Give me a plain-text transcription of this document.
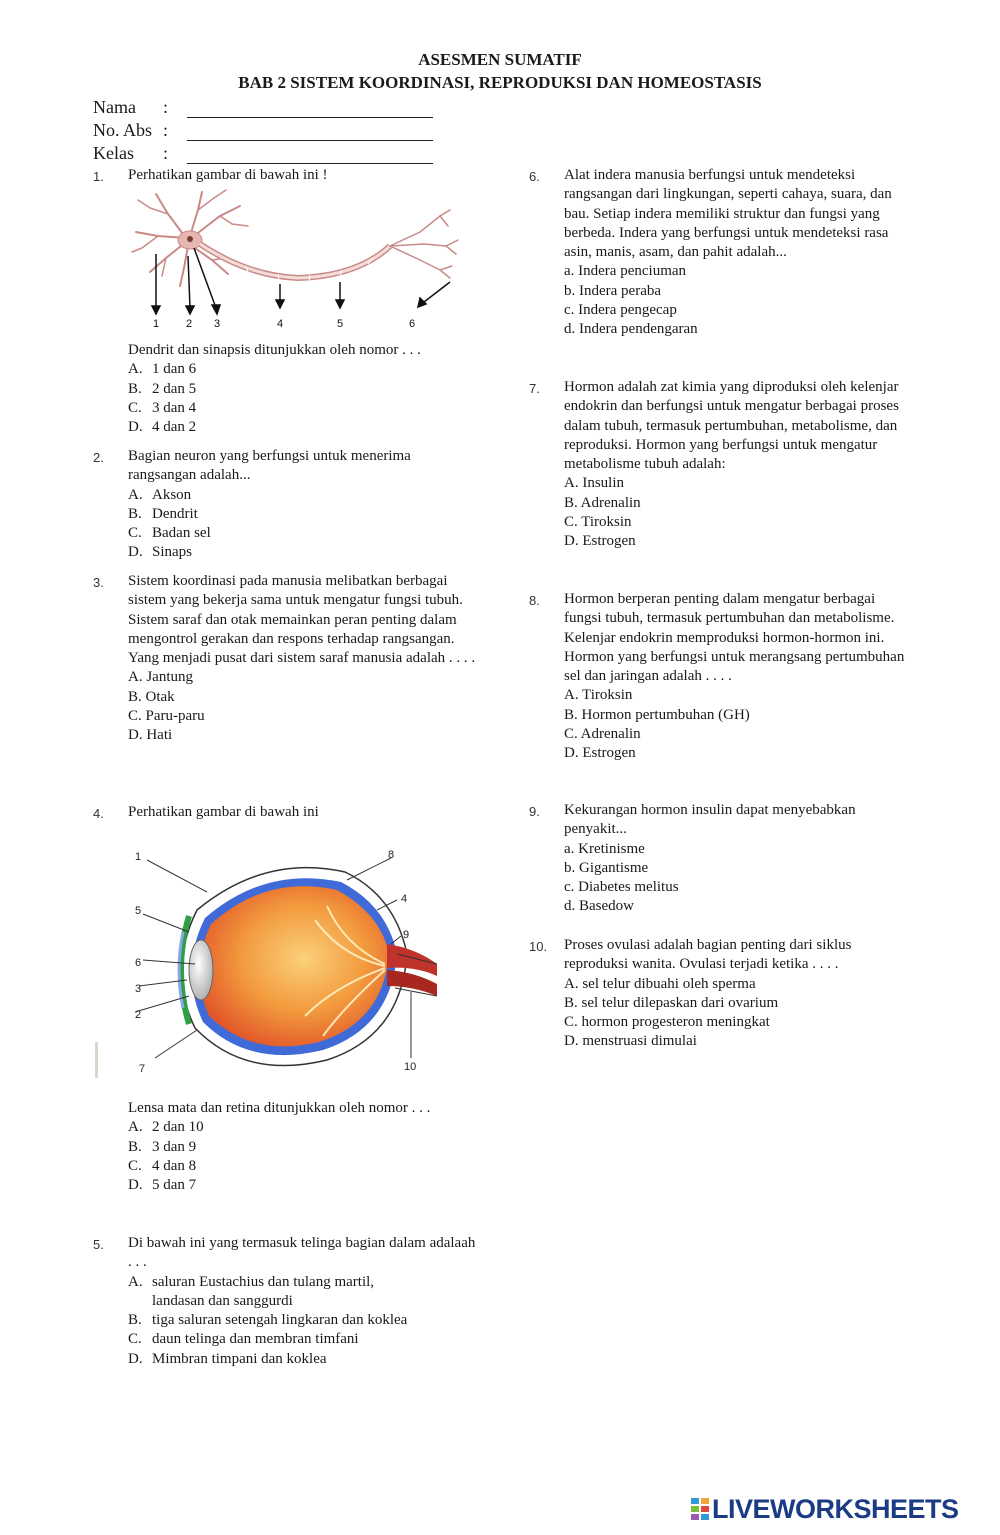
ASESMEN SUMATIF
BAB 2 SISTEM KOORDINASI, REPRODUKSI DAN HOMEOSTASIS
Nama :
No. Abs :
Kelas :
1. Perhatikan gambar di bawah ini !
1 2 3	4	5	6
Dendrit dan sinapsis ditunjukkan oleh nomor . . .
A. 1 dan 6
B. 2 dan 5
C. 3 dan 4
D. 4 dan 2
2. Bagian neuron yang berfungsi untuk menerima rangsangan adalah...
A. Akson
B. Dendrit
C. Badan sel
D. Sinaps
3. Sistem koordinasi pada manusia melibatkan berbagai sistem yang bekerja sama untuk mengatur fungsi tubuh. Sistem saraf dan otak memainkan peran penting dalam mengontrol gerakan dan respons terhadap rangsangan. Yang menjadi pusat dari sistem saraf manusia adalah . . . .
A. Jantung
B. Otak
C. Paru-paru
D. Hati
4. Perhatikan gambar di bawah ini
1
2
3
4
5
6
7
8
9
10
Lensa mata dan retina ditunjukkan oleh nomor . . .
A. 2 dan 10
B. 3 dan 9
C. 4 dan 8
D. 5 dan 7
5. Di bawah ini yang termasuk telinga bagian dalam adalaah . . .
A. saluran Eustachius dan tulang martil,
landasan dan sanggurdi
B. tiga saluran setengah lingkaran dan koklea
C. daun telinga dan membran timfani
D. Mimbran timpani dan koklea
6. Alat indera manusia berfungsi untuk mendeteksi rangsangan dari lingkungan, seperti cahaya, suara, dan bau. Setiap indera memiliki struktur dan fungsi yang berbeda. Indera yang berfungsi untuk mendeteksi rasa asin, manis, asam, dan pahit adalah...
a. Indera penciuman
b. Indera peraba
c. Indera pengecap
d. Indera pendengaran
7. Hormon adalah zat kimia yang diproduksi oleh kelenjar endokrin dan berfungsi untuk mengatur berbagai proses dalam tubuh, termasuk pertumbuhan, metabolisme, dan reproduksi. Hormon yang berfungsi untuk mengatur metabolisme tubuh adalah:
A. Insulin
B. Adrenalin
C. Tiroksin
D. Estrogen
8. Hormon berperan penting dalam mengatur berbagai fungsi tubuh, termasuk pertumbuhan dan metabolisme. Kelenjar endokrin memproduksi hormon-hormon ini. Hormon yang berfungsi untuk merangsang pertumbuhan sel dan jaringan adalah . . . .
A. Tiroksin
B. Hormon pertumbuhan (GH)
C. Adrenalin
D. Estrogen
9. Kekurangan hormon insulin dapat menyebabkan penyakit...
a. Kretinisme
b. Gigantisme
c. Diabetes melitus
d. Basedow
10. Proses ovulasi adalah bagian penting dari siklus reproduksi wanita. Ovulasi terjadi ketika . . . .
A. sel telur dibuahi oleh sperma
B. sel telur dilepaskan dari ovarium
C. hormon progesteron meningkat
D. menstruasi dimulai
LIVEWORKSHEETS
